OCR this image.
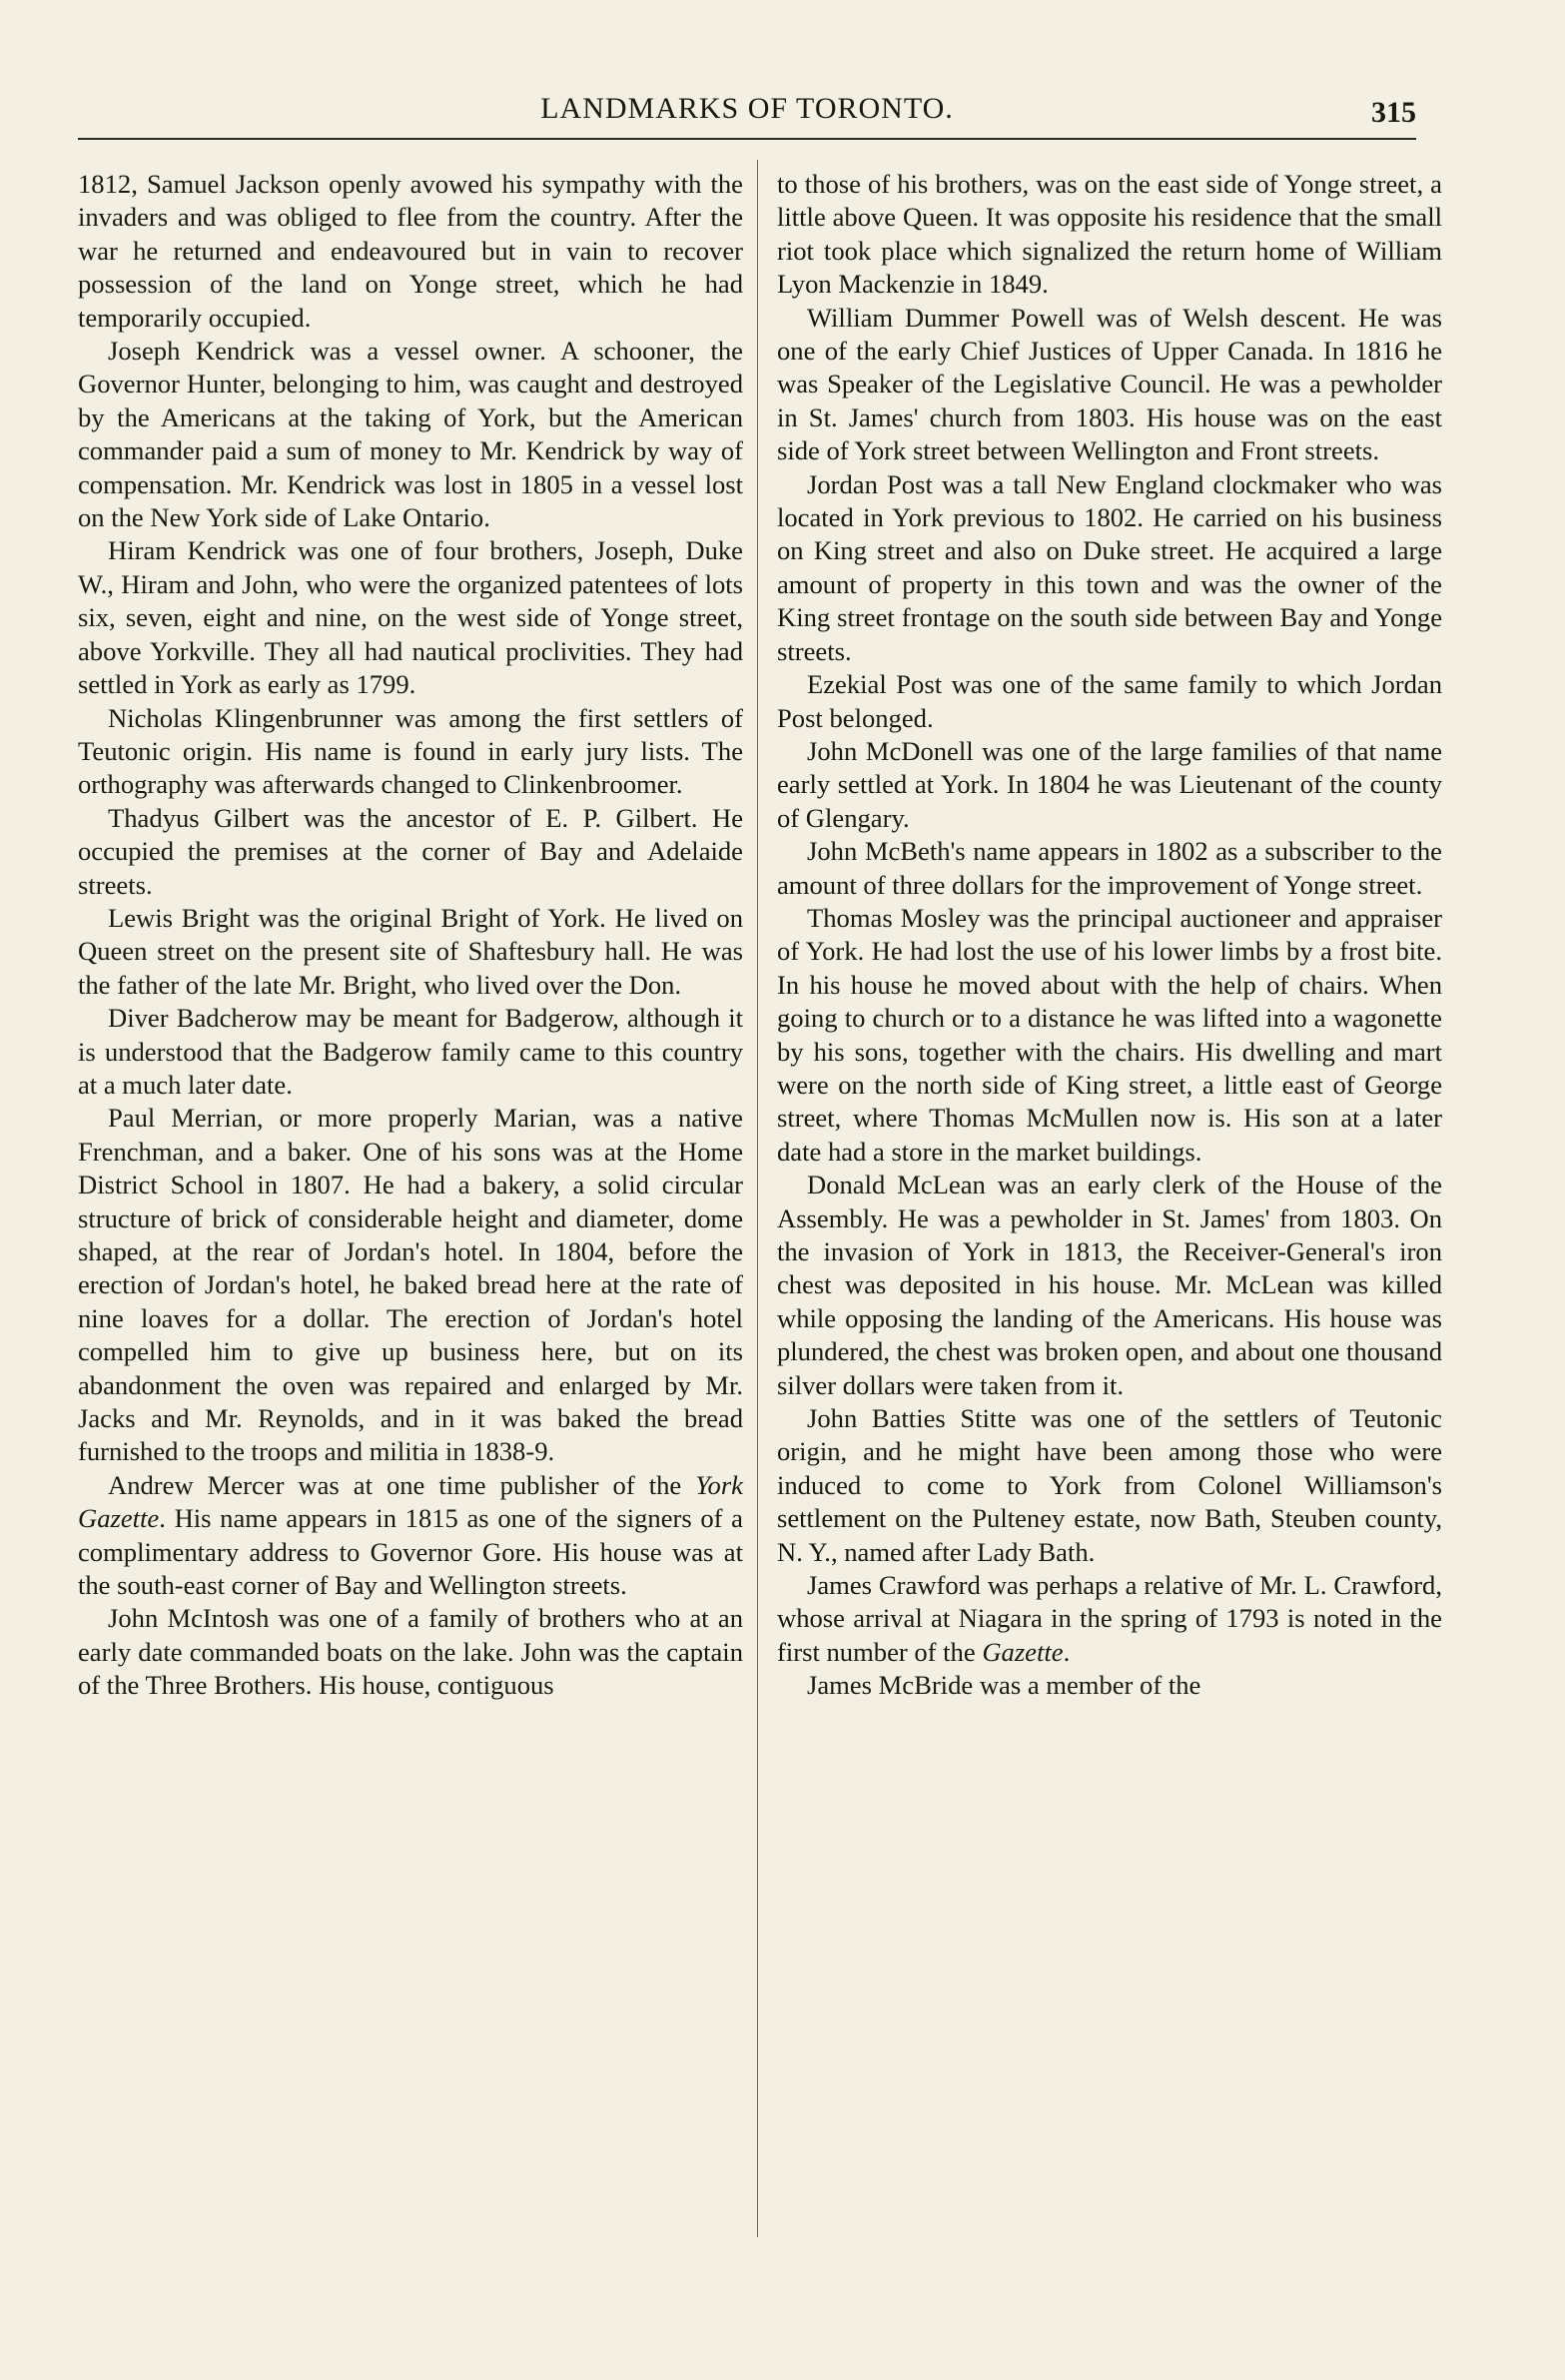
LANDMARKS OF TORONTO.	315

1812, Samuel Jackson openly avowed his sympathy with the invaders and was obliged to flee from the country. After the war he returned and endeavoured but in vain to recover possession of the land on Yonge street, which he had temporarily occupied.

Joseph Kendrick was a vessel owner. A schooner, the Governor Hunter, belonging to him, was caught and destroyed by the Americans at the taking of York, but the American commander paid a sum of money to Mr. Kendrick by way of compensation. Mr. Kendrick was lost in 1805 in a vessel lost on the New York side of Lake Ontario.

Hiram Kendrick was one of four brothers, Joseph, Duke W., Hiram and John, who were the organized patentees of lots six, seven, eight and nine, on the west side of Yonge street, above Yorkville. They all had nautical proclivities. They had settled in York as early as 1799.

Nicholas Klingenbrunner was among the first settlers of Teutonic origin. His name is found in early jury lists. The orthography was afterwards changed to Clinkenbroomer.

Thadyus Gilbert was the ancestor of E. P. Gilbert. He occupied the premises at the corner of Bay and Adelaide streets.

Lewis Bright was the original Bright of York. He lived on Queen street on the present site of Shaftesbury hall. He was the father of the late Mr. Bright, who lived over the Don.

Diver Badcherow may be meant for Badgerow, although it is understood that the Badgerow family came to this country at a much later date.

Paul Merrian, or more properly Marian, was a native Frenchman, and a baker. One of his sons was at the Home District School in 1807. He had a bakery, a solid circular structure of brick of considerable height and diameter, dome shaped, at the rear of Jordan's hotel. In 1804, before the erection of Jordan's hotel, he baked bread here at the rate of nine loaves for a dollar. The erection of Jordan's hotel compelled him to give up business here, but on its abandonment the oven was repaired and enlarged by Mr. Jacks and Mr. Reynolds, and in it was baked the bread furnished to the troops and militia in 1838-9.

Andrew Mercer was at one time publisher of the York Gazette. His name appears in 1815 as one of the signers of a complimentary address to Governor Gore. His house was at the south-east corner of Bay and Wellington streets.

John McIntosh was one of a family of brothers who at an early date commanded boats on the lake. John was the captain of the Three Brothers. His house, contiguous

to those of his brothers, was on the east side of Yonge street, a little above Queen. It was opposite his residence that the small riot took place which signalized the return home of William Lyon Mackenzie in 1849.

William Dummer Powell was of Welsh descent. He was one of the early Chief Justices of Upper Canada. In 1816 he was Speaker of the Legislative Council. He was a pewholder in St. James' church from 1803. His house was on the east side of York street between Wellington and Front streets.

Jordan Post was a tall New England clockmaker who was located in York previous to 1802. He carried on his business on King street and also on Duke street. He acquired a large amount of property in this town and was the owner of the King street frontage on the south side between Bay and Yonge streets.

Ezekial Post was one of the same family to which Jordan Post belonged.

John McDonell was one of the large families of that name early settled at York. In 1804 he was Lieutenant of the county of Glengary.

John McBeth's name appears in 1802 as a subscriber to the amount of three dollars for the improvement of Yonge street.

Thomas Mosley was the principal auctioneer and appraiser of York. He had lost the use of his lower limbs by a frost bite. In his house he moved about with the help of chairs. When going to church or to a distance he was lifted into a wagonette by his sons, together with the chairs. His dwelling and mart were on the north side of King street, a little east of George street, where Thomas McMullen now is. His son at a later date had a store in the market buildings.

Donald McLean was an early clerk of the House of the Assembly. He was a pewholder in St. James' from 1803. On the invasion of York in 1813, the Receiver-General's iron chest was deposited in his house. Mr. McLean was killed while opposing the landing of the Americans. His house was plundered, the chest was broken open, and about one thousand silver dollars were taken from it.

John Batties Stitte was one of the settlers of Teutonic origin, and he might have been among those who were induced to come to York from Colonel Williamson's settlement on the Pulteney estate, now Bath, Steuben county, N. Y., named after Lady Bath.

James Crawford was perhaps a relative of Mr. L. Crawford, whose arrival at Niagara in the spring of 1793 is noted in the first number of the Gazette.

James McBride was a member of the
